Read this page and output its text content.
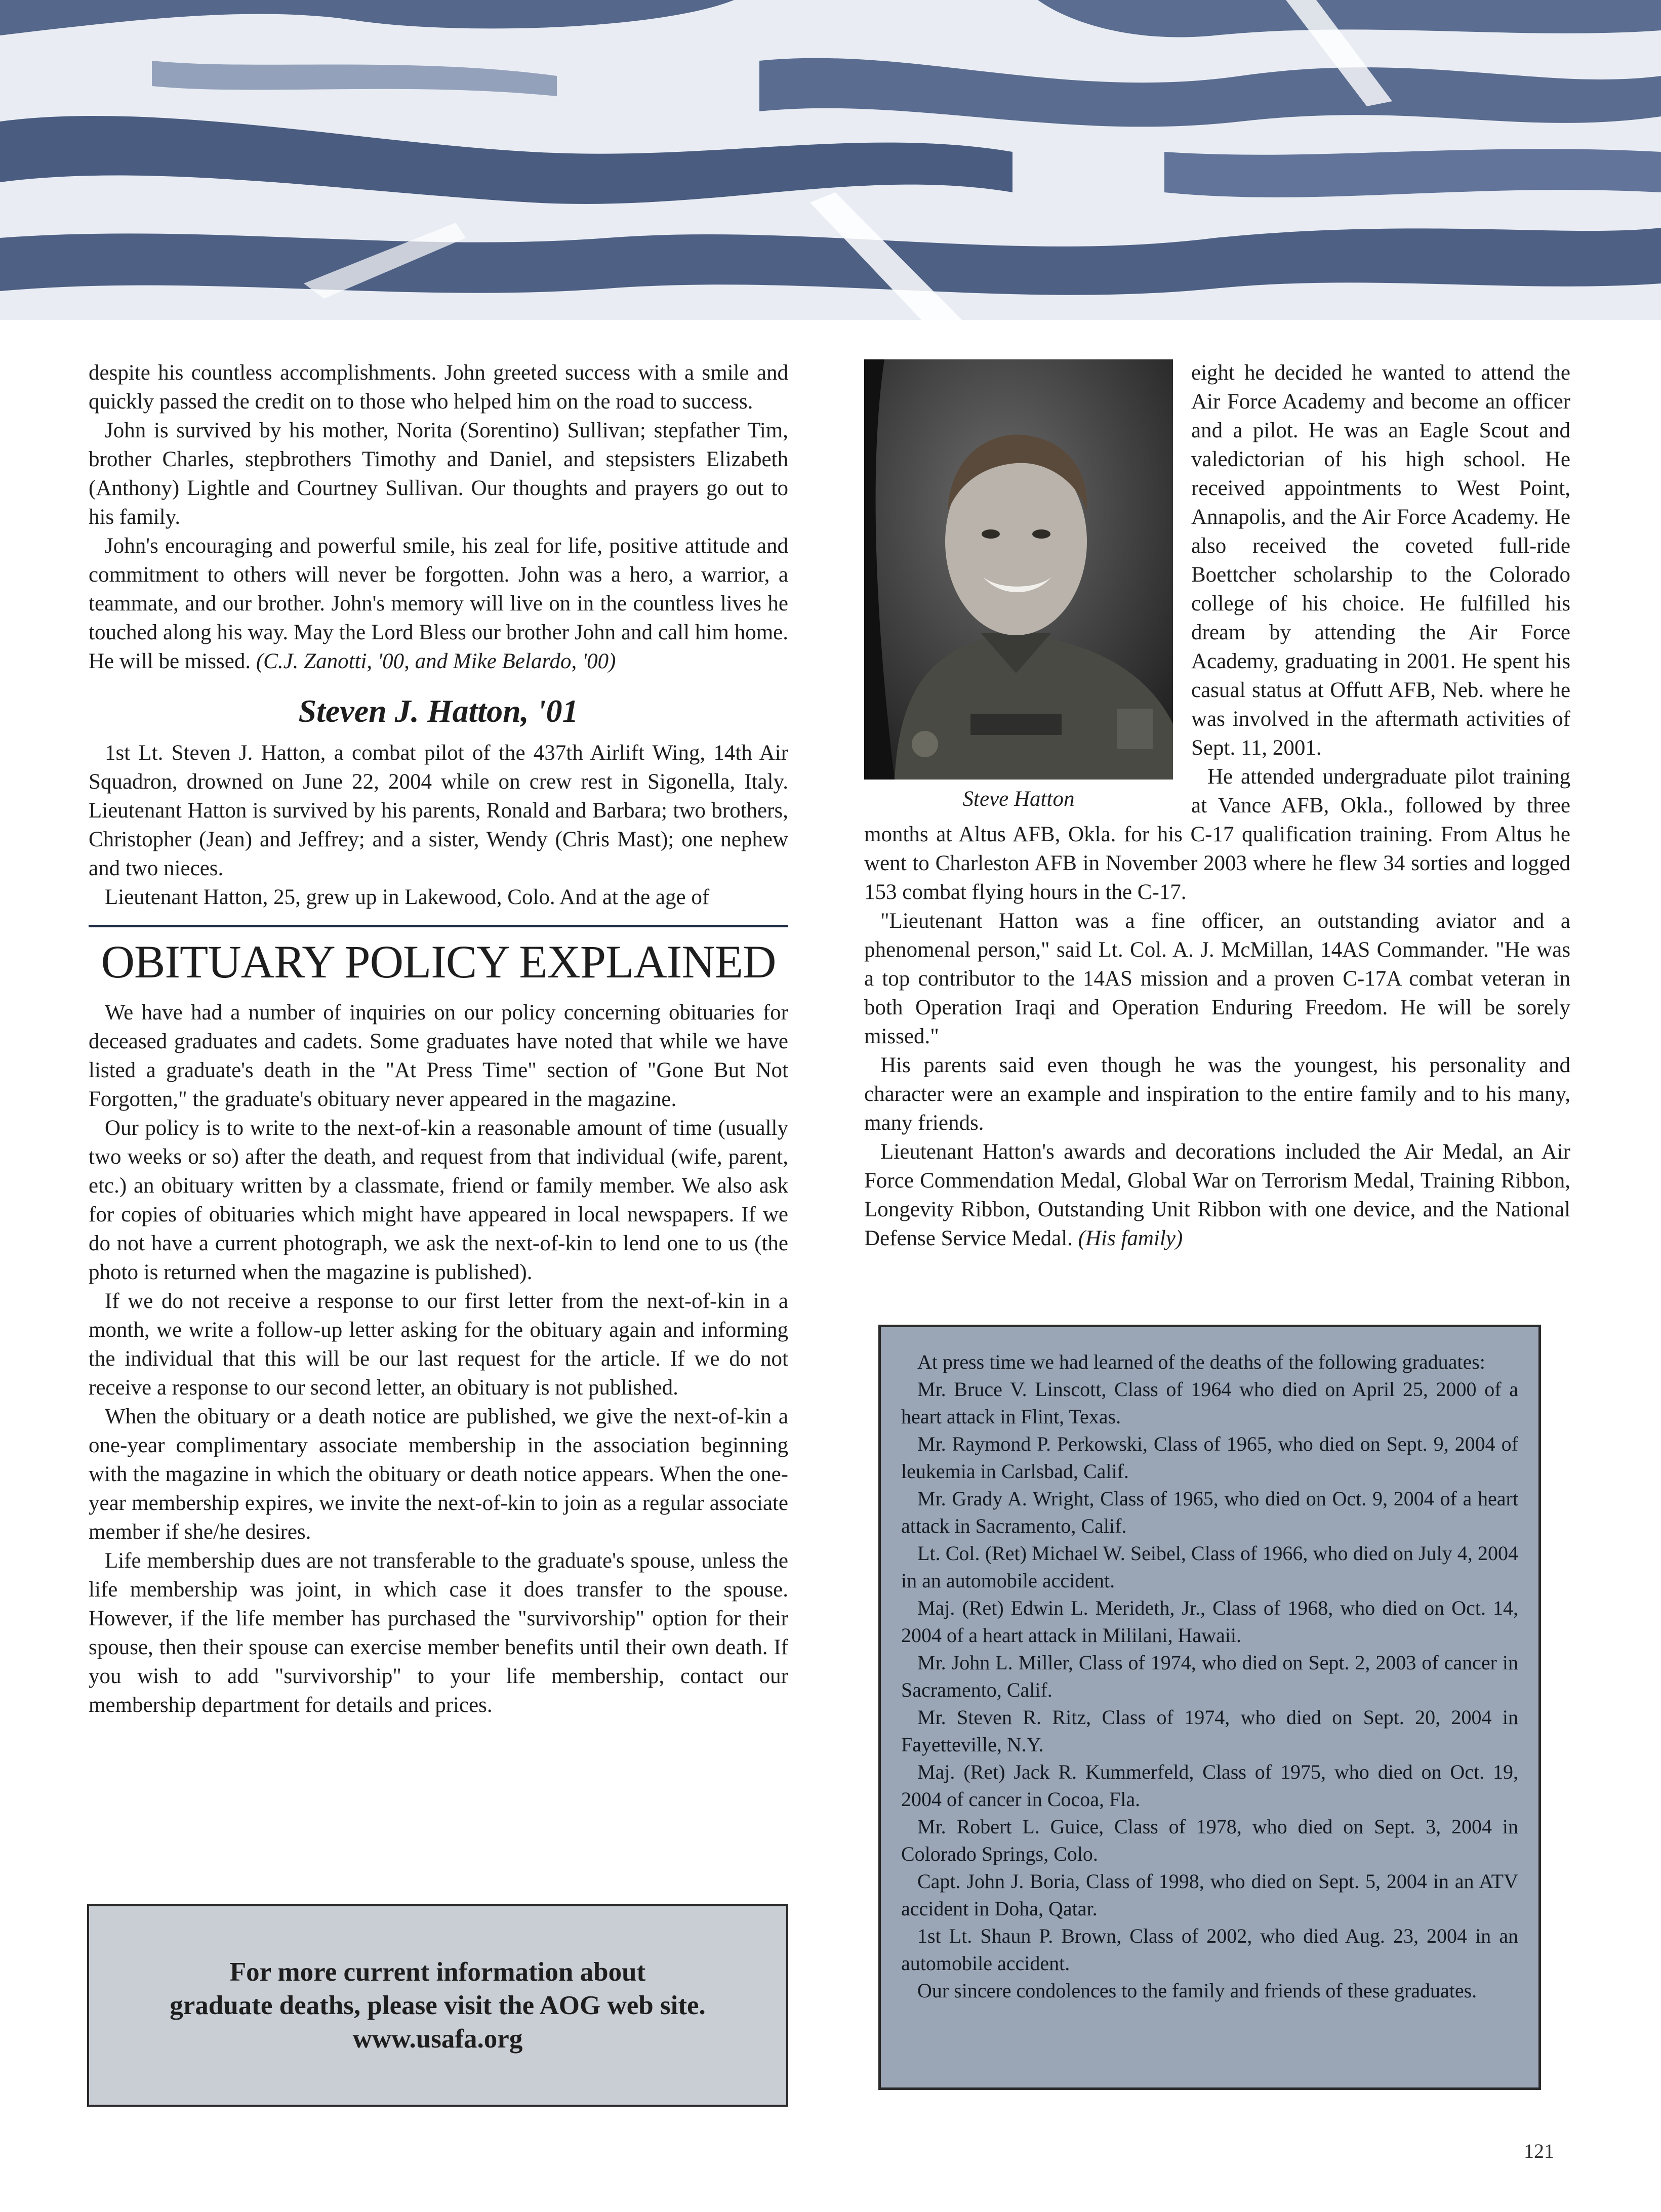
despite his countless accomplishments. John greeted success with a smile and quickly passed the credit on to those who helped him on the road to success.

John is survived by his mother, Norita (Sorentino) Sullivan; stepfather Tim, brother Charles, stepbrothers Timothy and Daniel, and stepsisters Elizabeth (Anthony) Lightle and Courtney Sullivan. Our thoughts and prayers go out to his family.

John's encouraging and powerful smile, his zeal for life, positive attitude and commitment to others will never be forgotten. John was a hero, a warrior, a teammate, and our brother. John's memory will live on in the countless lives he touched along his way. May the Lord Bless our brother John and call him home. He will be missed. (C.J. Zanotti, '00, and Mike Belardo, '00)

Steven J. Hatton, '01

1st Lt. Steven J. Hatton, a combat pilot of the 437th Airlift Wing, 14th Air Squadron, drowned on June 22, 2004 while on crew rest in Sigonella, Italy. Lieutenant Hatton is survived by his parents, Ronald and Barbara; two brothers, Christopher (Jean) and Jeffrey; and a sister, Wendy (Chris Mast); one nephew and two nieces.

Lieutenant Hatton, 25, grew up in Lakewood, Colo. And at the age of

OBITUARY POLICY EXPLAINED

We have had a number of inquiries on our policy concerning obituaries for deceased graduates and cadets. Some graduates have noted that while we have listed a graduate's death in the "At Press Time" section of "Gone But Not Forgotten," the graduate's obituary never appeared in the magazine.

Our policy is to write to the next-of-kin a reasonable amount of time (usually two weeks or so) after the death, and request from that individual (wife, parent, etc.) an obituary written by a classmate, friend or family member. We also ask for copies of obituaries which might have appeared in local newspapers. If we do not have a current photograph, we ask the next-of-kin to lend one to us (the photo is returned when the magazine is published).

If we do not receive a response to our first letter from the next-of-kin in a month, we write a follow-up letter asking for the obituary again and informing the individual that this will be our last request for the article. If we do not receive a response to our second letter, an obituary is not published.

When the obituary or a death notice are published, we give the next-of-kin a one-year complimentary associate membership in the association beginning with the magazine in which the obituary or death notice appears. When the one-year membership expires, we invite the next-of-kin to join as a regular associate member if she/he desires.

Life membership dues are not transferable to the graduate's spouse, unless the life membership was joint, in which case it does transfer to the spouse. However, if the life member has purchased the "survivorship" option for their spouse, then their spouse can exercise member benefits until their own death. If you wish to add "survivorship" to your life membership, contact our membership department for details and prices.

For more current information about
graduate deaths, please visit the AOG web site.
www.usafa.org
Steve Hatton

eight he decided he wanted to attend the Air Force Academy and become an officer and a pilot. He was an Eagle Scout and valedictorian of his high school. He received appointments to West Point, Annapolis, and the Air Force Academy. He also received the coveted full-ride Boettcher scholarship to the Colorado college of his choice. He fulfilled his dream by attending the Air Force Academy, graduating in 2001. He spent his casual status at Offutt AFB, Neb. where he was involved in the aftermath activities of Sept. 11, 2001.

He attended undergraduate pilot training at Vance AFB, Okla., followed by three months at Altus AFB, Okla. for his C-17 qualification training. From Altus he went to Charleston AFB in November 2003 where he flew 34 sorties and logged 153 combat flying hours in the C-17.

"Lieutenant Hatton was a fine officer, an outstanding aviator and a phenomenal person," said Lt. Col. A. J. McMillan, 14AS Commander. "He was a top contributor to the 14AS mission and a proven C-17A combat veteran in both Operation Iraqi and Operation Enduring Freedom. He will be sorely missed."

His parents said even though he was the youngest, his personality and character were an example and inspiration to the entire family and to his many, many friends.

Lieutenant Hatton's awards and decorations included the Air Medal, an Air Force Commendation Medal, Global War on Terrorism Medal, Training Ribbon, Longevity Ribbon, Outstanding Unit Ribbon with one device, and the National Defense Service Medal. (His family)

At press time we had learned of the deaths of the following graduates:

Mr. Bruce V. Linscott, Class of 1964 who died on April 25, 2000 of a heart attack in Flint, Texas.

Mr. Raymond P. Perkowski, Class of 1965, who died on Sept. 9, 2004 of leukemia in Carlsbad, Calif.

Mr. Grady A. Wright, Class of 1965, who died on Oct. 9, 2004 of a heart attack in Sacramento, Calif.

Lt. Col. (Ret) Michael W. Seibel, Class of 1966, who died on July 4, 2004 in an automobile accident.

Maj. (Ret) Edwin L. Merideth, Jr., Class of 1968, who died on Oct. 14, 2004 of a heart attack in Mililani, Hawaii.

Mr. John L. Miller, Class of 1974, who died on Sept. 2, 2003 of cancer in Sacramento, Calif.

Mr. Steven R. Ritz, Class of 1974, who died on Sept. 20, 2004 in Fayetteville, N.Y.

Maj. (Ret) Jack R. Kummerfeld, Class of 1975, who died on Oct. 19, 2004 of cancer in Cocoa, Fla.

Mr. Robert L. Guice, Class of 1978, who died on Sept. 3, 2004 in Colorado Springs, Colo.

Capt. John J. Boria, Class of 1998, who died on Sept. 5, 2004 in an ATV accident in Doha, Qatar.

1st Lt. Shaun P. Brown, Class of 2002, who died Aug. 23, 2004 in an automobile accident.

Our sincere condolences to the family and friends of these graduates.

121
